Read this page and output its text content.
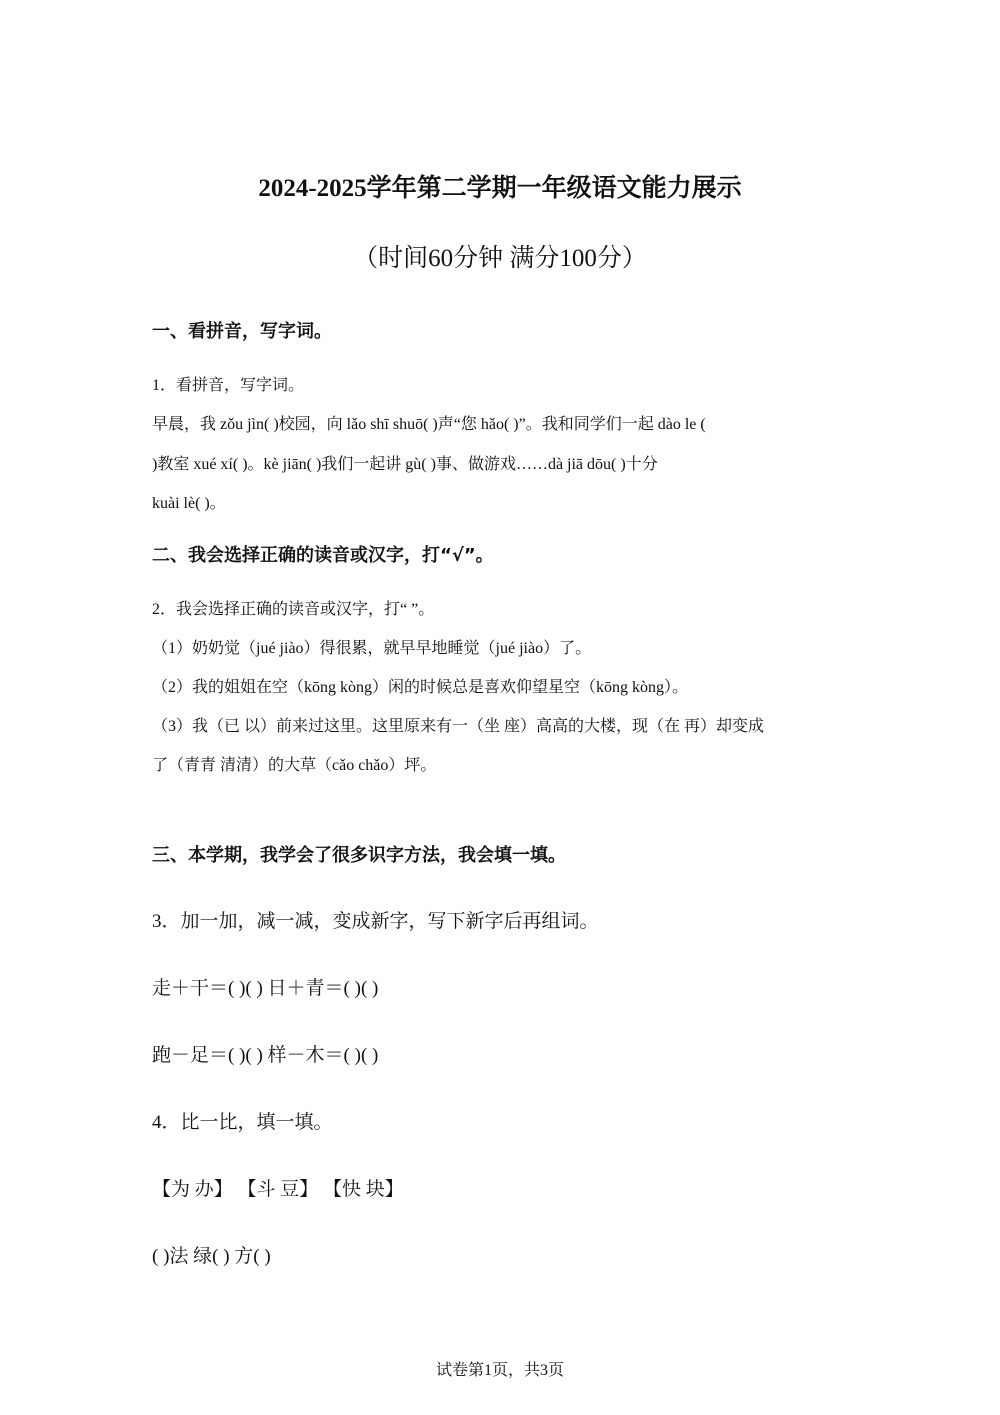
2024-2025学年第二学期一年级语文能力展示
（时间60分钟 满分100分）
一、看拼音，写字词。
1．看拼音，写字词。
早晨，我 zǒu jìn( )校园，向 lǎo shī shuō( )声“您 hǎo( )”。我和同学们一起 dào le (
)教室 xué xí( )。kè jiān( )我们一起讲 gù( )事、做游戏……dà jiā dōu( )十分
kuài lè( )。
二、我会选择正确的读音或汉字，打“√”。
2．我会选择正确的读音或汉字，打“ ”。
（1）奶奶觉（jué jiào）得很累，就早早地睡觉（jué jiào）了。
（2）我的姐姐在空（kōng kòng）闲的时候总是喜欢仰望星空（kōng kòng）。
（3）我（已 以）前来过这里。这里原来有一（坐 座）高高的大楼，现（在 再）却变成
了（青青 清清）的大草（cǎo chǎo）坪。
三、本学期，我学会了很多识字方法，我会填一填。
3．加一加，减一减，变成新字，写下新字后再组词。
走＋干＝( )( ) 日＋青＝( )( )
跑－足＝( )( ) 样－木＝( )( )
4．比一比，填一填。
【为 办】 【斗 豆】 【快 块】
( )法 绿( ) 方( )
试卷第1页，共3页
